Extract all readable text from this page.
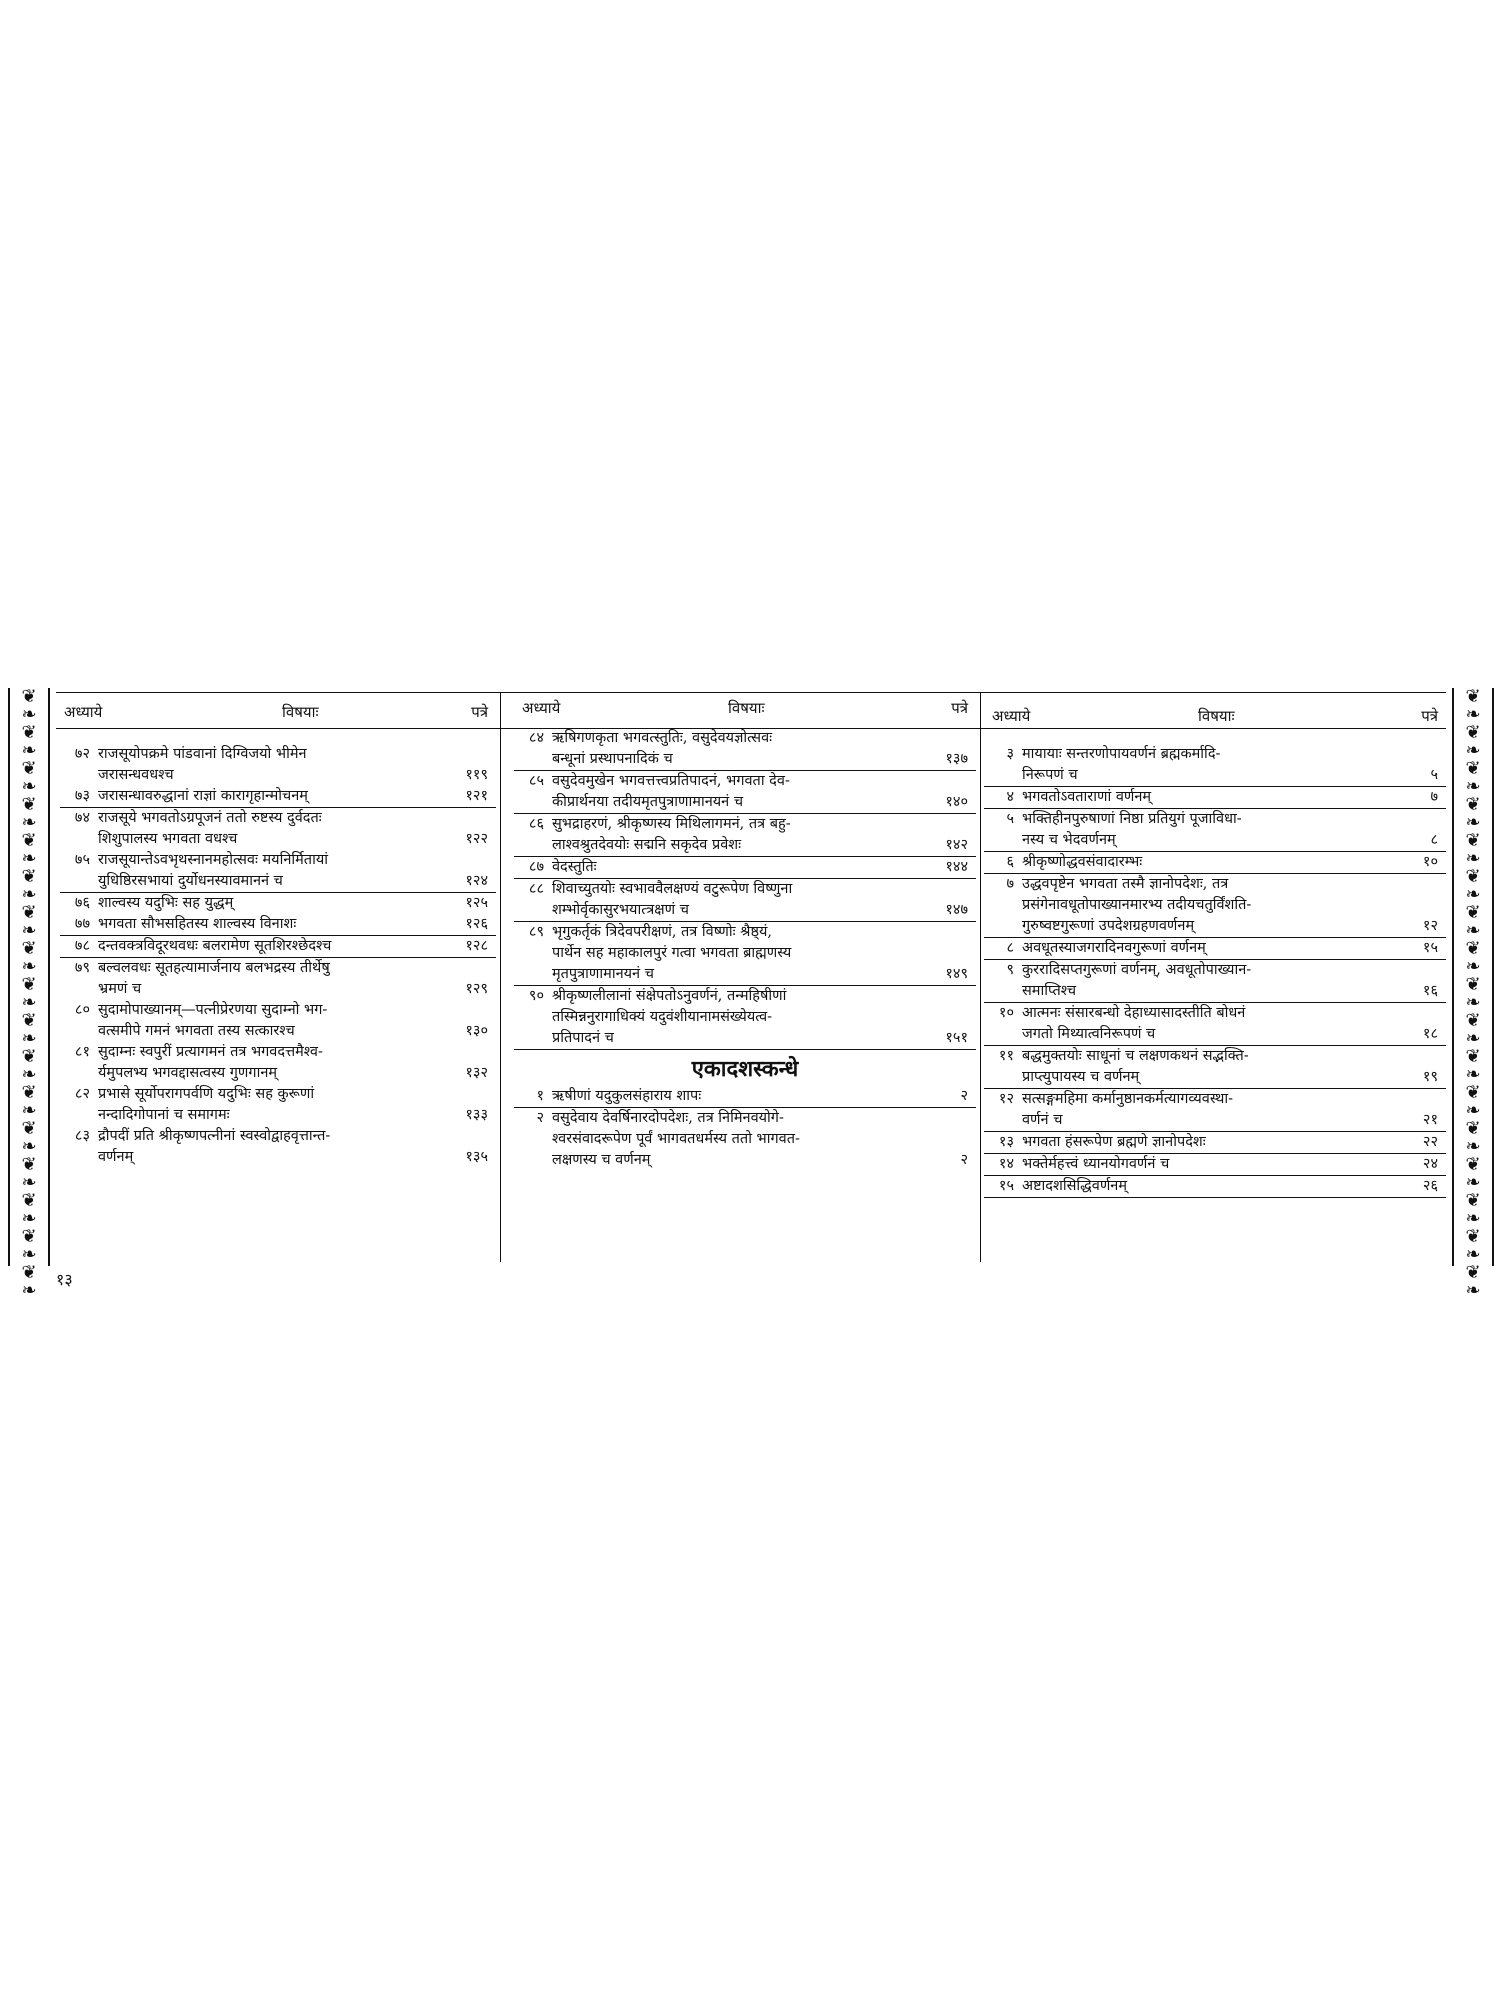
❦
❧
❦
❧
❦
❧
❦
❧
❦
❧
❦
❧
❦
❧
❦
❧
❦
❧
❦
❧
❦
❧
❦
❧
❦
❧
❦
❧
❦
❧
❦
❧
❦
❧
❦
❧
❦
❧
❦
❧
❦
❧
❦
❧
❦
❧
❦
❧
❦
❧
❦
❧
❦
❧
❦
❧
❦
❧
❦
❧
❦
❧
❦
❧
❦
❧
❦
❧
अध्याये	विषयाः	पत्रे
७२ राजसूयोपक्रमे पांडवानां दिग्विजयो भीमेन
जरासन्धवधश्च	११९
७३ जरासन्धावरुद्धानां राज्ञां कारागृहान्मोचनम्	१२१
७४ राजसूये भगवतोऽग्रपूजनं ततो रुष्टस्य दुर्वदतः
शिशुपालस्य भगवता वधश्च	१२२
७५ राजसूयान्तेऽवभृथस्नानमहोत्सवः मयनिर्मितायां
युधिष्ठिरसभायां दुर्योधनस्यावमाननं च	१२४
७६ शाल्वस्य यदुभिः सह युद्धम्	१२५
७७ भगवता सौभसहितस्य शाल्वस्य विनाशः	१२६
७८ दन्तवक्त्रविदूरथवधः बलरामेण सूतशिरश्छेदश्च	१२८
७९ बल्वलवधः सूतहत्यामार्जनाय बलभद्रस्य तीर्थेषु
भ्रमणं च	१२९
८० सुदामोपाख्यानम्—पत्नीप्रेरणया सुदाम्नो भग-
वत्समीपे गमनं भगवता तस्य सत्कारश्च	१३०
८१ सुदाम्नः स्वपुरीं प्रत्यागमनं तत्र भगवदत्तमैश्व-
र्यमुपलभ्य भगवद्दासत्वस्य गुणगानम्	१३२
८२ प्रभासे सूर्योपरागपर्वणि यदुभिः सह कुरूणां
नन्दादिगोपानां च समागमः	१३३
८३ द्रौपदीं प्रति श्रीकृष्णपत्नीनां स्वस्वोद्वाहवृत्तान्त-
वर्णनम्	१३५
अध्याये	विषयाः	पत्रे
८४ ऋषिगणकृता भगवत्स्तुतिः, वसुदेवयज्ञोत्सवः
बन्धूनां प्रस्थापनादिकं च	१३७
८५ वसुदेवमुखेन भगवत्तत्त्वप्रतिपादनं, भगवता देव-
कीप्रार्थनया तदीयमृतपुत्राणामानयनं च	१४०
८६ सुभद्राहरणं, श्रीकृष्णस्य मिथिलागमनं, तत्र बहु-
लाश्वश्रुतदेवयोः सद्मनि सकृदेव प्रवेशः	१४२
८७ वेदस्तुतिः	१४४
८८ शिवाच्युतयोः स्वभाववैलक्षण्यं वटुरूपेण विष्णुना
शम्भोर्वृकासुरभयात्त्रक्षणं च	१४७
८९ भृगुकर्तृकं त्रिदेवपरीक्षणं, तत्र विष्णोः श्रैष्ठ्यं,
पार्थेन सह महाकालपुरं गत्वा भगवता ब्राह्मणस्य
मृतपुत्राणामानयनं च	१४९
९० श्रीकृष्णलीलानां संक्षेपतोऽनुवर्णनं, तन्महिषीणां
तस्मिन्ननुरागाधिक्यं यदुवंशीयानामसंख्येयत्व-
प्रतिपादनं च	१५१
एकादशस्कन्धे
१ ऋषीणां यदुकुलसंहाराय शापः	२
२ वसुदेवाय देवर्षिनारदोपदेशः, तत्र निमिनवयोगे-
श्वरसंवादरूपेण पूर्वं भागवतधर्मस्य ततो भागवत-
लक्षणस्य च वर्णनम्	२
अध्याये	विषयाः	पत्रे
३ मायायाः सन्तरणोपायवर्णनं ब्रह्मकर्मादि-
निरूपणं च	५
४ भगवतोऽवताराणां वर्णनम्	७
५ भक्तिहीनपुरुषाणां निष्ठा प्रतियुगं पूजाविधा-
नस्य च भेदवर्णनम्	८
६ श्रीकृष्णोद्धवसंवादारम्भः	१०
७ उद्धवपृष्टेन भगवता तस्मै ज्ञानोपदेशः, तत्र
प्रसंगेनावधूतोपाख्यानमारभ्य तदीयचतुर्विंशति-
गुरुष्वष्टगुरूणां उपदेशग्रहणवर्णनम्	१२
८ अवधूतस्याजगरादिनवगुरूणां वर्णनम्	१५
९ कुररादिसप्तगुरूणां वर्णनम्, अवधूतोपाख्यान-
समाप्तिश्च	१६
१० आत्मनः संसारबन्धो देहाध्यासादस्तीति बोधनं
जगतो मिथ्यात्वनिरूपणं च	१८
११ बद्धमुक्तयोः साधूनां च लक्षणकथनं सद्भक्ति-
प्राप्त्युपायस्य च वर्णनम्	१९
१२ सत्सङ्गमहिमा कर्मानुष्ठानकर्मत्यागव्यवस्था-
वर्णनं च	२१
१३ भगवता हंसरूपेण ब्रह्मणे ज्ञानोपदेशः	२२
१४ भक्तेर्महत्त्वं ध्यानयोगवर्णनं च	२४
१५ अष्टादशसिद्धिवर्णनम्	२६
१३
